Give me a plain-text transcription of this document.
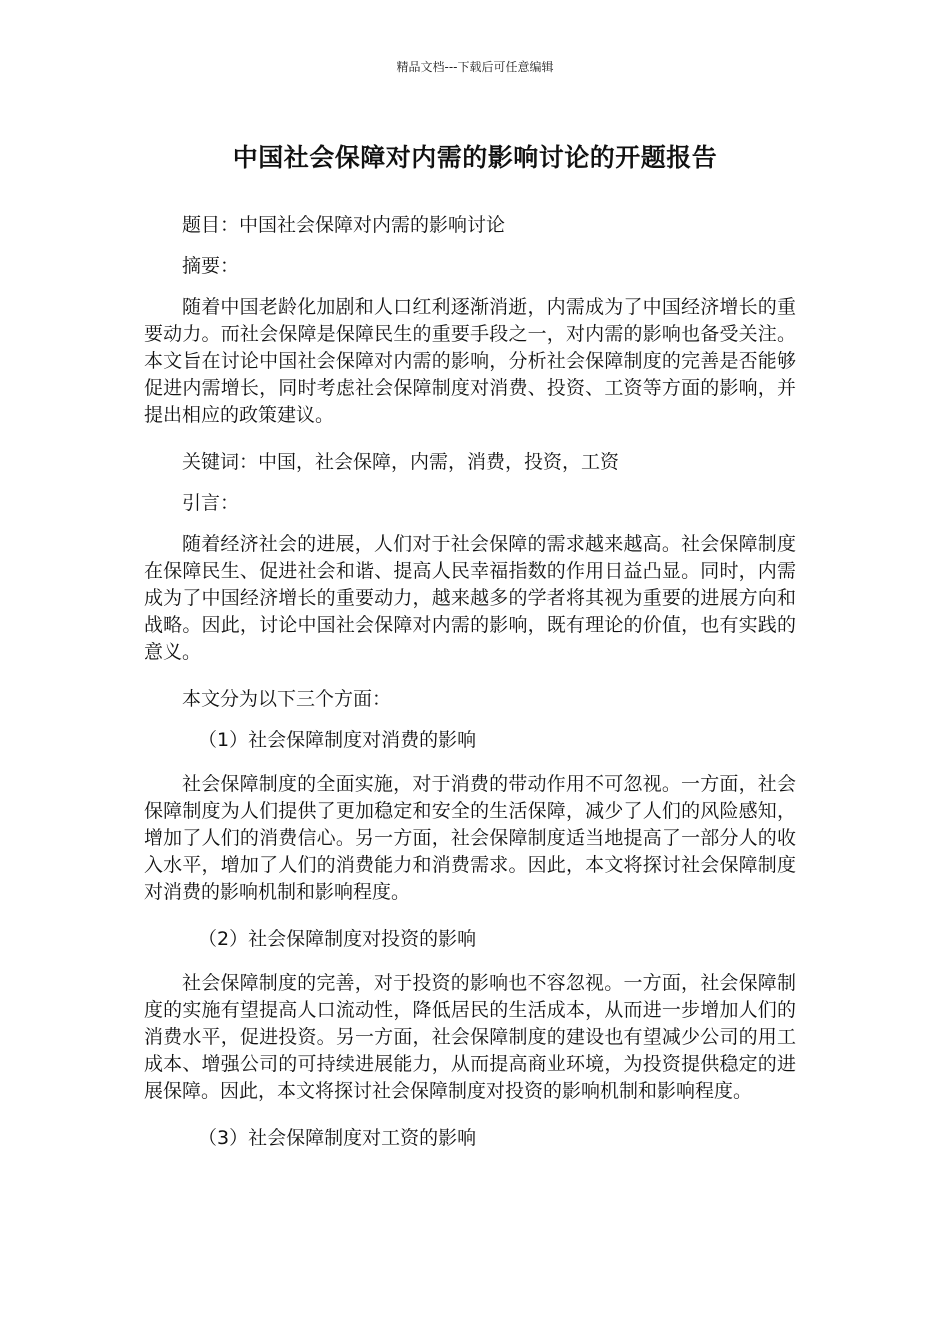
精品文档---下载后可任意编辑
中国社会保障对内需的影响讨论的开题报告

题目：中国社会保障对内需的影响讨论

摘要：

随着中国老龄化加剧和人口红利逐渐消逝，内需成为了中国经济增长的重要动力。而社会保障是保障民生的重要手段之一，对内需的影响也备受关注。本文旨在讨论中国社会保障对内需的影响，分析社会保障制度的完善是否能够促进内需增长，同时考虑社会保障制度对消费、投资、工资等方面的影响，并提出相应的政策建议。

关键词：中国，社会保障，内需，消费，投资，工资

引言：

随着经济社会的进展，人们对于社会保障的需求越来越高。社会保障制度在保障民生、促进社会和谐、提高人民幸福指数的作用日益凸显。同时，内需成为了中国经济增长的重要动力，越来越多的学者将其视为重要的进展方向和战略。因此，讨论中国社会保障对内需的影响，既有理论的价值，也有实践的意义。

本文分为以下三个方面：

（1）社会保障制度对消费的影响

社会保障制度的全面实施，对于消费的带动作用不可忽视。一方面，社会保障制度为人们提供了更加稳定和安全的生活保障，减少了人们的风险感知，增加了人们的消费信心。另一方面，社会保障制度适当地提高了一部分人的收入水平，增加了人们的消费能力和消费需求。因此，本文将探讨社会保障制度对消费的影响机制和影响程度。

（2）社会保障制度对投资的影响

社会保障制度的完善，对于投资的影响也不容忽视。一方面，社会保障制度的实施有望提高人口流动性，降低居民的生活成本，从而进一步增加人们的消费水平，促进投资。另一方面，社会保障制度的建设也有望减少公司的用工成本、增强公司的可持续进展能力，从而提高商业环境，为投资提供稳定的进展保障。因此，本文将探讨社会保障制度对投资的影响机制和影响程度。

（3）社会保障制度对工资的影响
